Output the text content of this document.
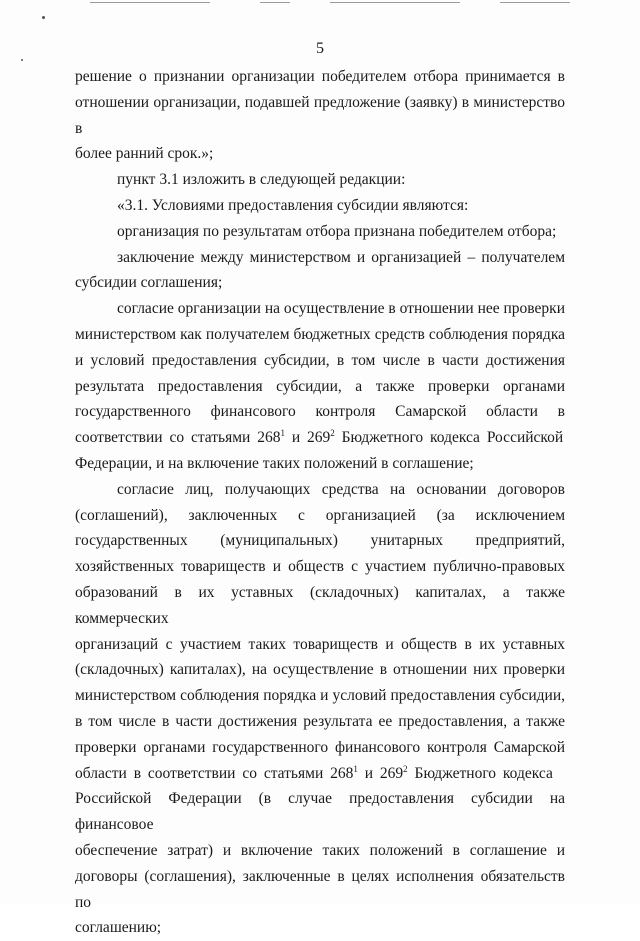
5

решение о признании организации победителем отбора принимается в
отношении организации, подавшей предложение (заявку) в министерство в
более ранний срок.»;

пункт 3.1 изложить в следующей редакции:

«3.1. Условиями предоставления субсидии являются:

организация по результатам отбора признана победителем отбора;

заключение между министерством и организацией – получателем
субсидии соглашения;

согласие организации на осуществление в отношении нее проверки
министерством как получателем бюджетных средств соблюдения порядка
и условий предоставления субсидии, в том числе в части достижения
результата предоставления субсидии, а также проверки органами
государственного финансового контроля Самарской области в
соответствии со статьями $268^1$ и $269^2$ Бюджетного кодекса Российской
Федерации, и на включение таких положений в соглашение;

согласие лиц, получающих средства на основании договоров
(соглашений), заключенных с организацией (за исключением
государственных (муниципальных) унитарных предприятий,
хозяйственных товариществ и обществ с участием публично-правовых
образований в их уставных (складочных) капиталах, а также коммерческих
организаций с участием таких товариществ и обществ в их уставных
(складочных) капиталах), на осуществление в отношении них проверки
министерством соблюдения порядка и условий предоставления субсидии,
в том числе в части достижения результата ее предоставления, а также
проверки органами государственного финансового контроля Самарской
области в соответствии со статьями $268^1$ и $269^2$ Бюджетного кодекса
Российской Федерации (в случае предоставления субсидии на финансовое
обеспечение затрат) и включение таких положений в соглашение и
договоры (соглашения), заключенные в целях исполнения обязательств по
соглашению;
